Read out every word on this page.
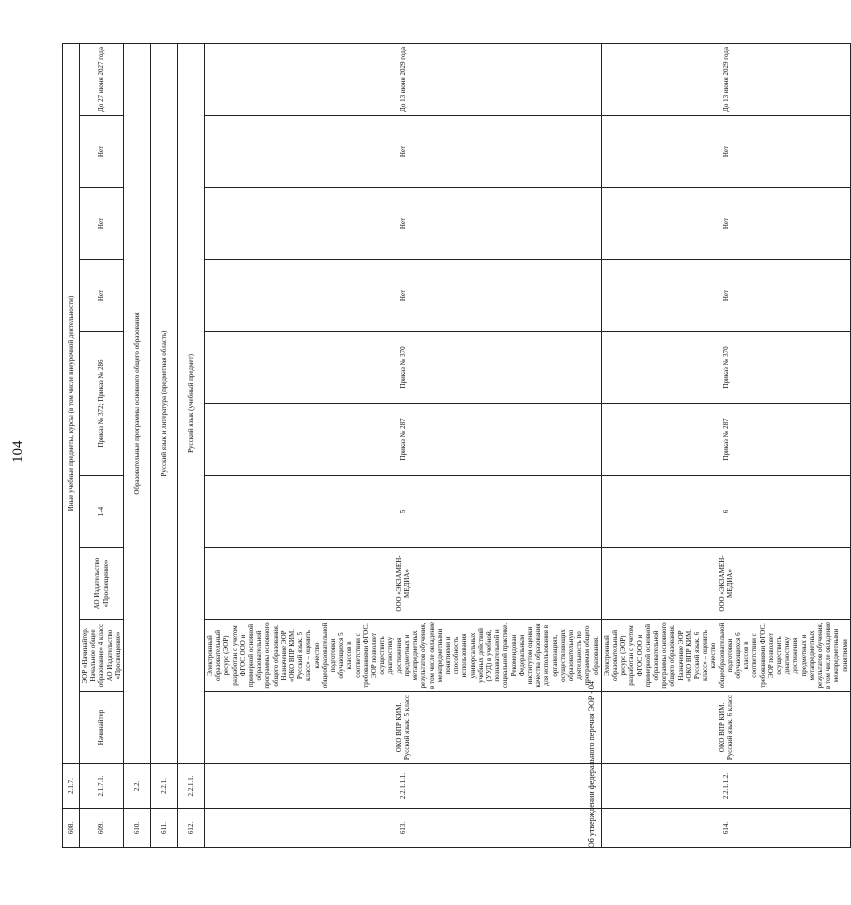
104
608.	2.1.7.	Иные учебные предметы, курсы (в том числе внеурочной деятельности)									
609.	2.1.7.1.	Начинайтер	ЭОР «Начинайтер. Начальное общее образование» 4 класс АО Издательство «Просвещение»	АО Издательство «Просвещение»	1-4	Приказ № 372; Приказ № 286		Нет	Нет	Нет	До 27 июня 2027 года
610.	2.2.	Образовательные программы основного общего образования									
611.	2.2.1.	Русский язык и литература (предметная область)									
612.	2.2.1.1.	Русский язык (учебный предмет)									
613.	2.2.1.1.1.	ОКО ВПР КИМ. Русский язык. 5 класс	Электронный образовательный ресурс (ЭОР) разработан с учетом ФГОС ООО и примерной основной образовательной программы основного общего образования. Назначение ЭОР «ОКО ВПР КИМ. Русский язык. 5 класс» – оценить качество общеобразовательной подготовки обучающихся 5 классов в соответствии с требованиями ФГОС. ЭОР позволяет осуществить диагностику достижения предметных и метапредметных результатов обучения, в том числе овладение межпредметными понятиями и способность использования универсальных учебных действий (УУД) в учебной, познавательной и социальной практике. Рекомендован Федеральным институтом оценки качества образования для использования в организациях, осуществляющих образовательную деятельность по программам общего образования.	ООО «ЭКЗАМЕН-МЕДИА»	5	Приказ № 287	Приказ № 370	Нет	Нет	Нет	До 13 июня 2029 года
614.	2.2.1.1.2.	ОКО ВПР КИМ. Русский язык. 6 класс	Электронный образовательный ресурс (ЭОР) разработан с учетом ФГОС ООО и примерной основной образовательной программы основного общего образования. Назначение ЭОР «ОКО ВПР КИМ. Русский язык. 6 класс» – оценить качество общеобразовательной подготовки обучающихся 6 классов в соответствии с требованиями ФГОС. ЭОР позволяет осуществить диагностику достижения предметных и метапредметных результатов обучения, в том числе овладение межпредметными понятиями	ООО «ЭКЗАМЕН-МЕДИА»	6	Приказ № 287	Приказ № 370	Нет	Нет	Нет	До 13 июня 2029 года
Об утверждении федерального перечня ЭОР - 04
